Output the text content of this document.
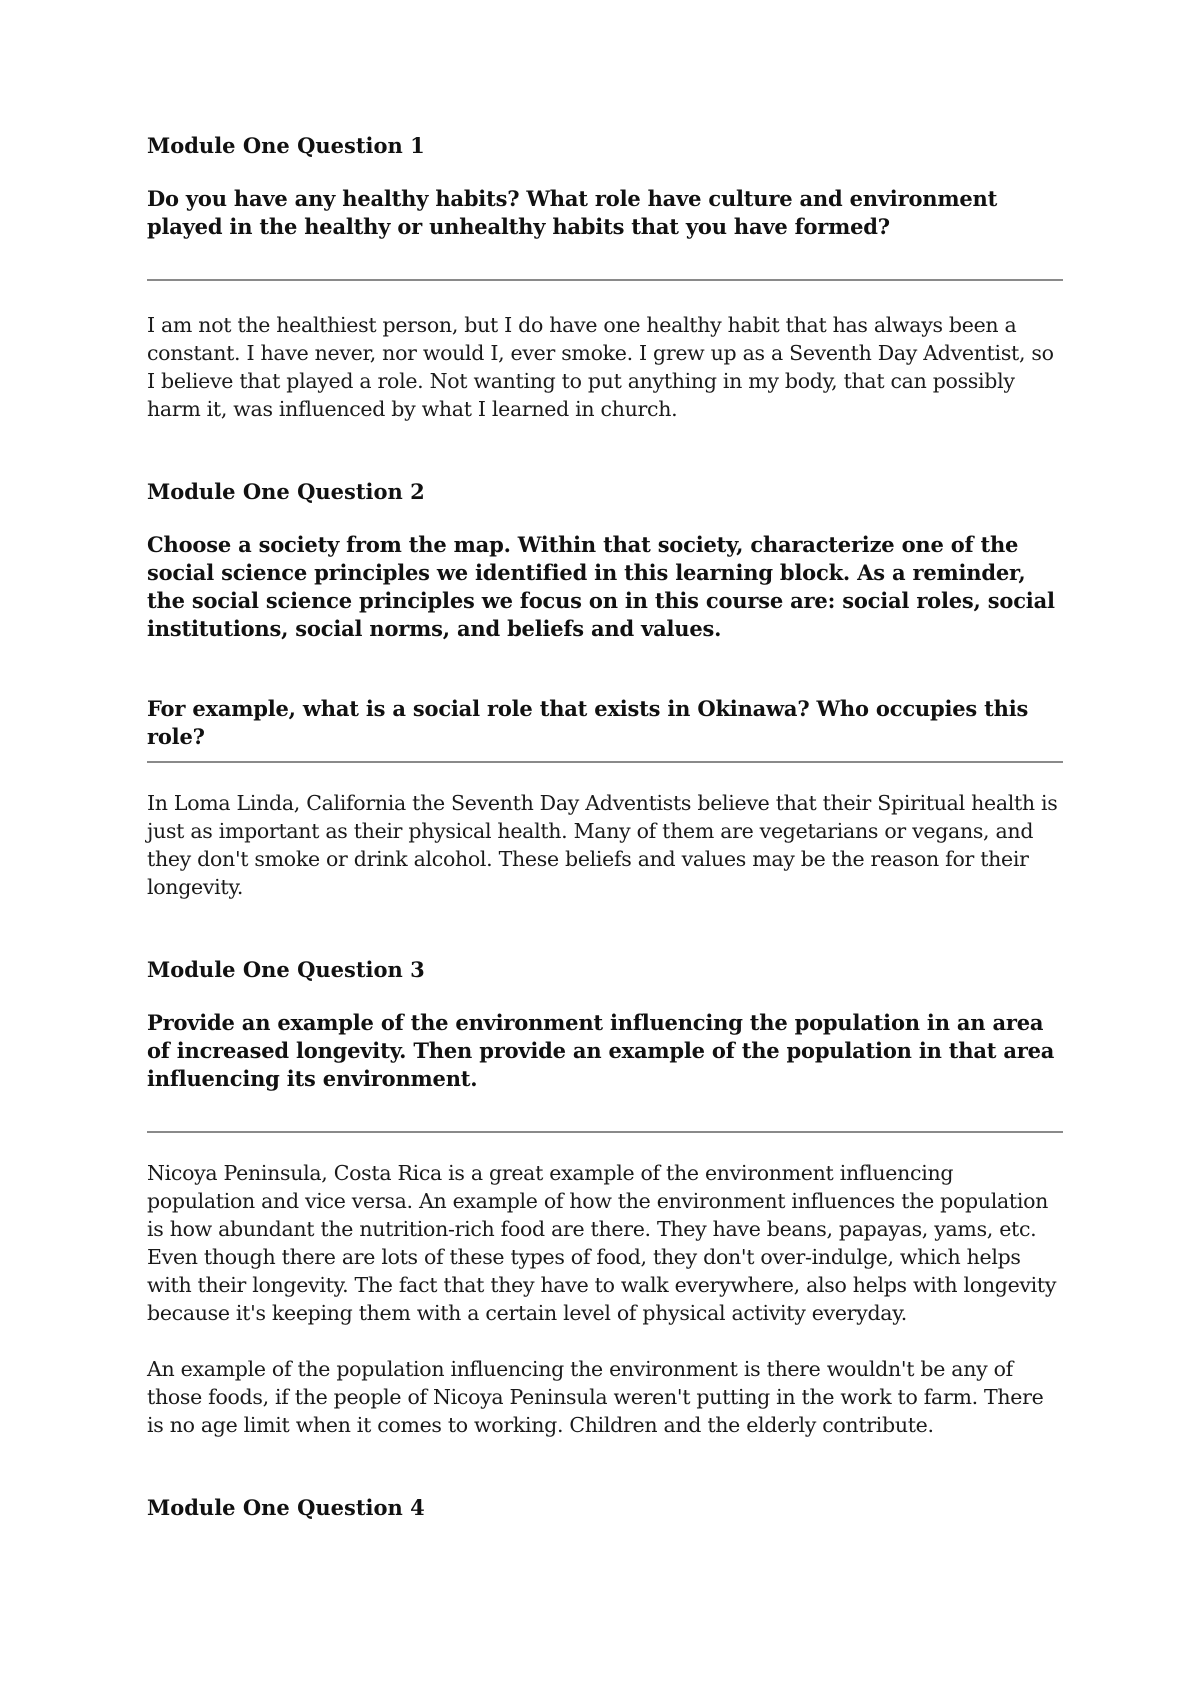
Module One Question 1

Do you have any healthy habits? What role have culture and environment played in the healthy or unhealthy habits that you have formed?

I am not the healthiest person, but I do have one healthy habit that has always been a constant. I have never, nor would I, ever smoke. I grew up as a Seventh Day Adventist, so I believe that played a role. Not wanting to put anything in my body, that can possibly harm it, was influenced by what I learned in church.

Module One Question 2

Choose a society from the map. Within that society, characterize one of the social science principles we identified in this learning block. As a reminder, the social science principles we focus on in this course are: social roles, social institutions, social norms, and beliefs and values.

For example, what is a social role that exists in Okinawa? Who occupies this role?

In Loma Linda, California the Seventh Day Adventists believe that their Spiritual health is just as important as their physical health. Many of them are vegetarians or vegans, and they don't smoke or drink alcohol. These beliefs and values may be the reason for their longevity.

Module One Question 3

Provide an example of the environment influencing the population in an area of increased longevity. Then provide an example of the population in that area influencing its environment.

Nicoya Peninsula, Costa Rica is a great example of the environment influencing population and vice versa. An example of how the environment influences the population is how abundant the nutrition-rich food are there. They have beans, papayas, yams, etc. Even though there are lots of these types of food, they don't over-indulge, which helps with their longevity. The fact that they have to walk everywhere, also helps with longevity because it's keeping them with a certain level of physical activity everyday.

An example of the population influencing the environment is there wouldn't be any of those foods, if the people of Nicoya Peninsula weren't putting in the work to farm. There is no age limit when it comes to working. Children and the elderly contribute.

Module One Question 4
